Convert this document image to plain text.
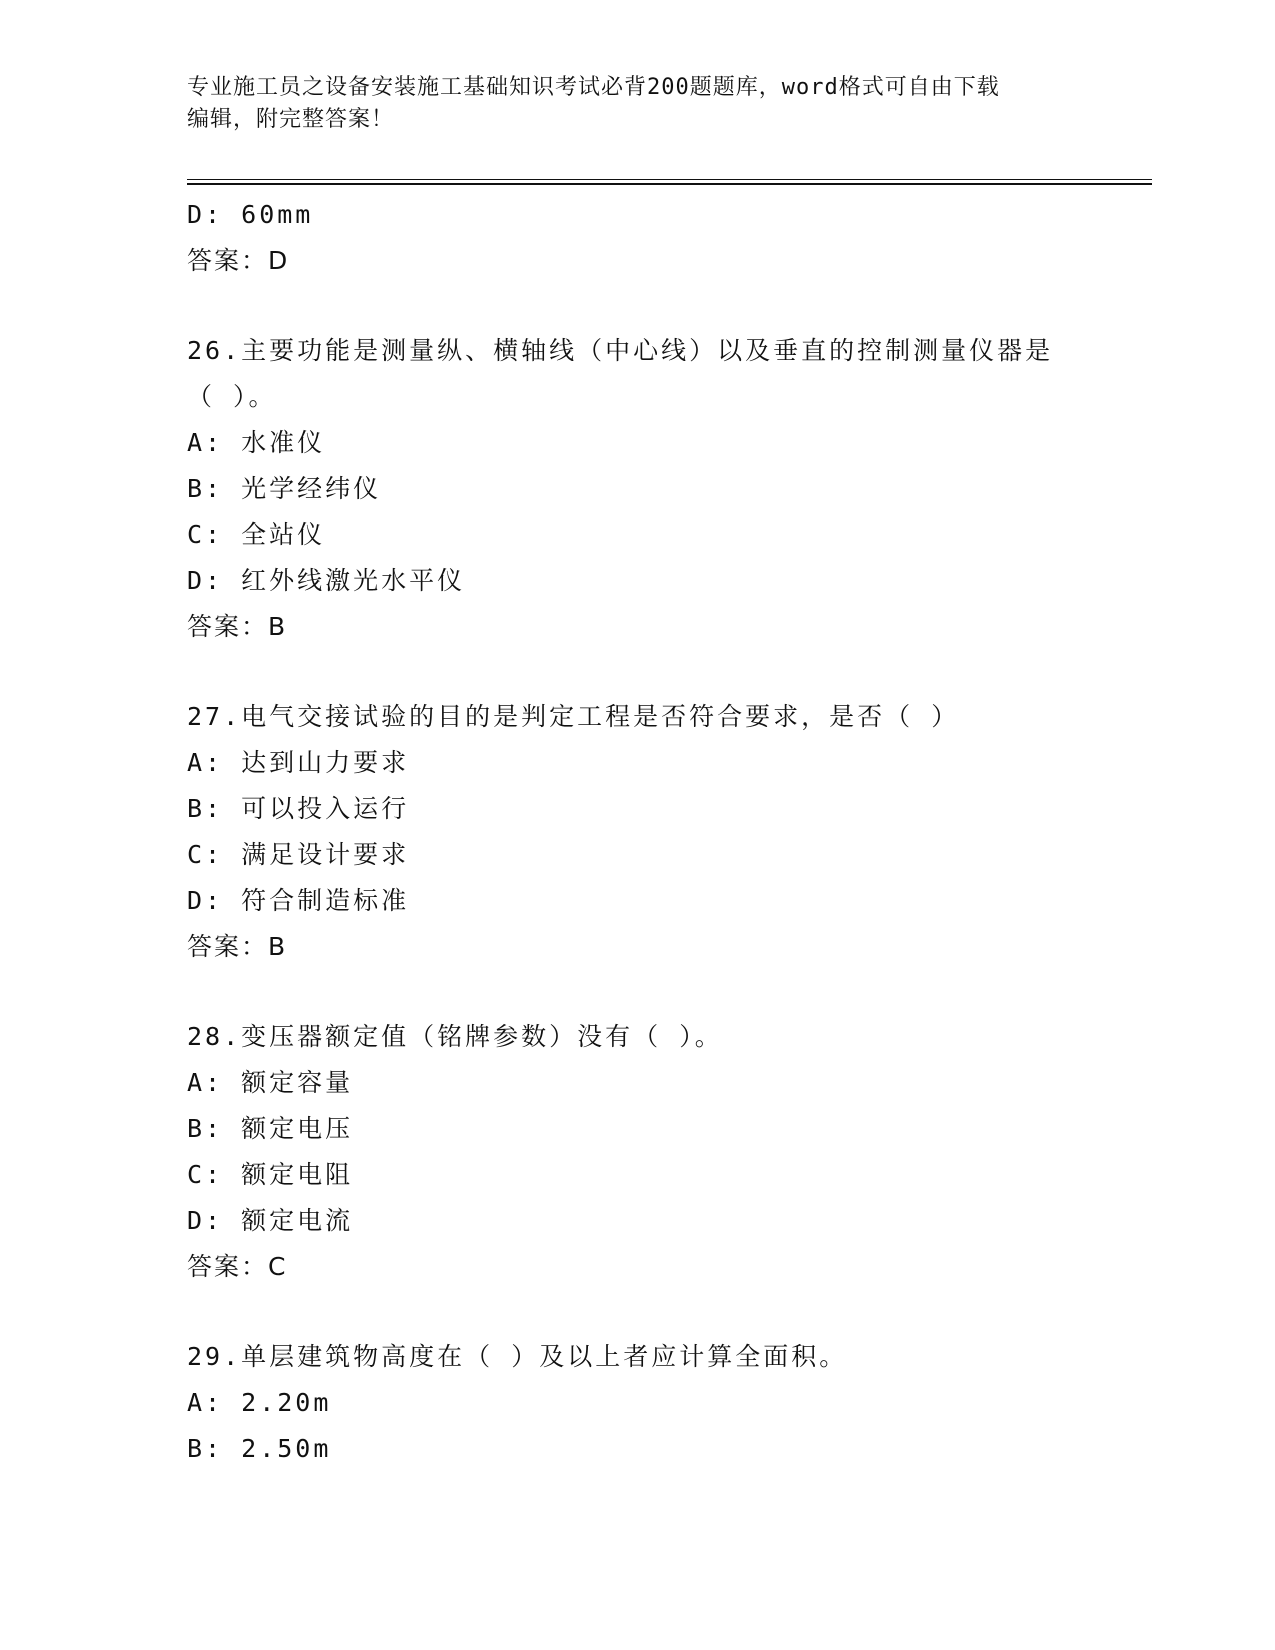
专业施工员之设备安装施工基础知识考试必背200题题库，word格式可自由下载
编辑，附完整答案！
D: 60mm
答案：D
26.主要功能是测量纵、横轴线（中心线）以及垂直的控制测量仪器是
（ ）。
A: 水准仪
B: 光学经纬仪
C: 全站仪
D: 红外线激光水平仪
答案：B
27.电气交接试验的目的是判定工程是否符合要求，是否（ ）
A: 达到山力要求
B: 可以投入运行
C: 满足设计要求
D: 符合制造标准
答案：B
28.变压器额定值（铭牌参数）没有（ ）。
A: 额定容量
B: 额定电压
C: 额定电阻
D: 额定电流
答案：C
29.单层建筑物高度在（ ）及以上者应计算全面积。
A: 2.20m
B: 2.50m
